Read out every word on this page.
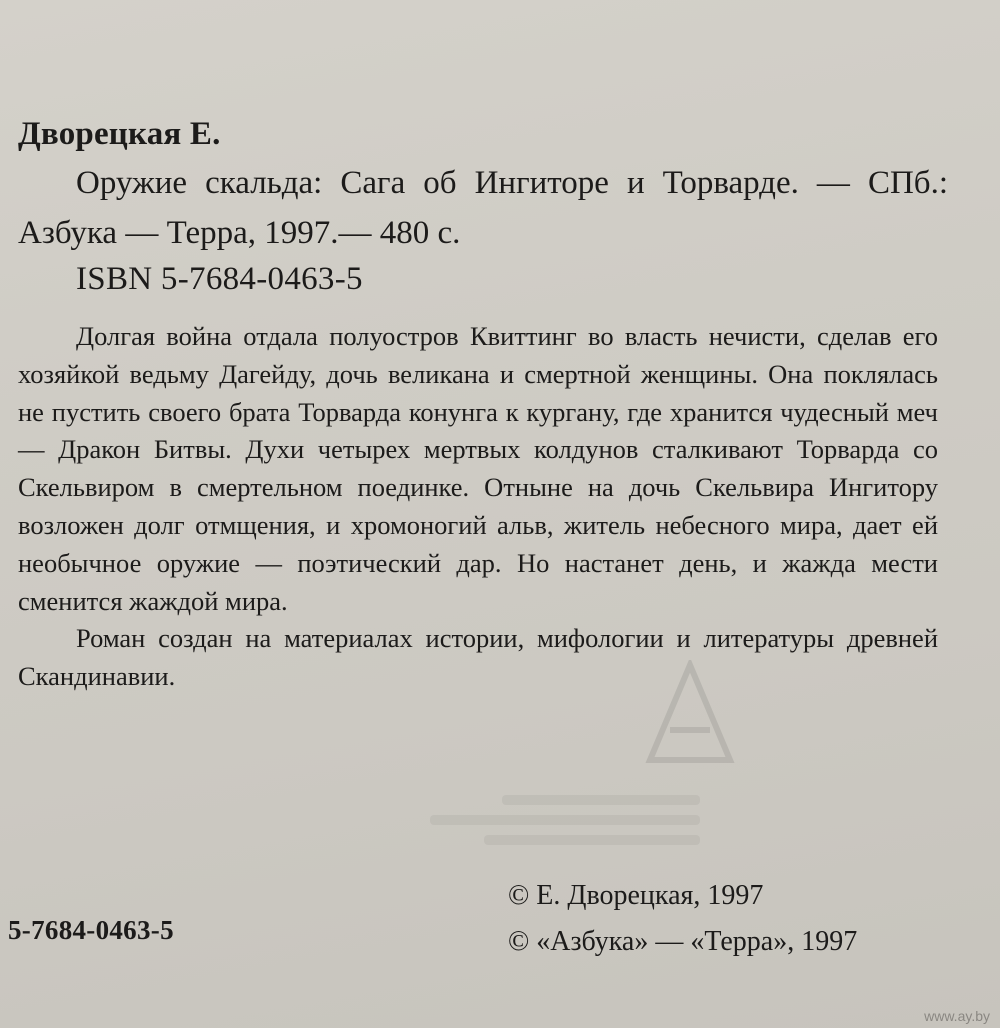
Дворецкая Е.
Оружие скальда: Сага об Ингиторе и Торварде. — СПб.: Азбука — Терра, 1997.— 480 с.
ISBN 5-7684-0463-5

Долгая война отдала полуостров Квиттинг во власть нечисти, сделав его хозяйкой ведьму Дагейду, дочь великана и смертной женщины. Она поклялась не пустить своего брата Торварда конунга к кургану, где хранится чудесный меч — Дракон Битвы. Духи четырех мертвых колдунов сталкивают Торварда со Скельвиром в смертельном поединке. Отныне на дочь Скельвира Ингитору возложен долг отмщения, и хромоногий альв, житель небесного мира, дает ей необычное оружие — поэтический дар. Но настанет день, и жажда мести сменится жаждой мира.

Роман создан на материалах истории, мифологии и литературы древней Скандинавии.

© Е. Дворецкая, 1997
© «Азбука» — «Терра», 1997
5-7684-0463-5
www.ay.by
